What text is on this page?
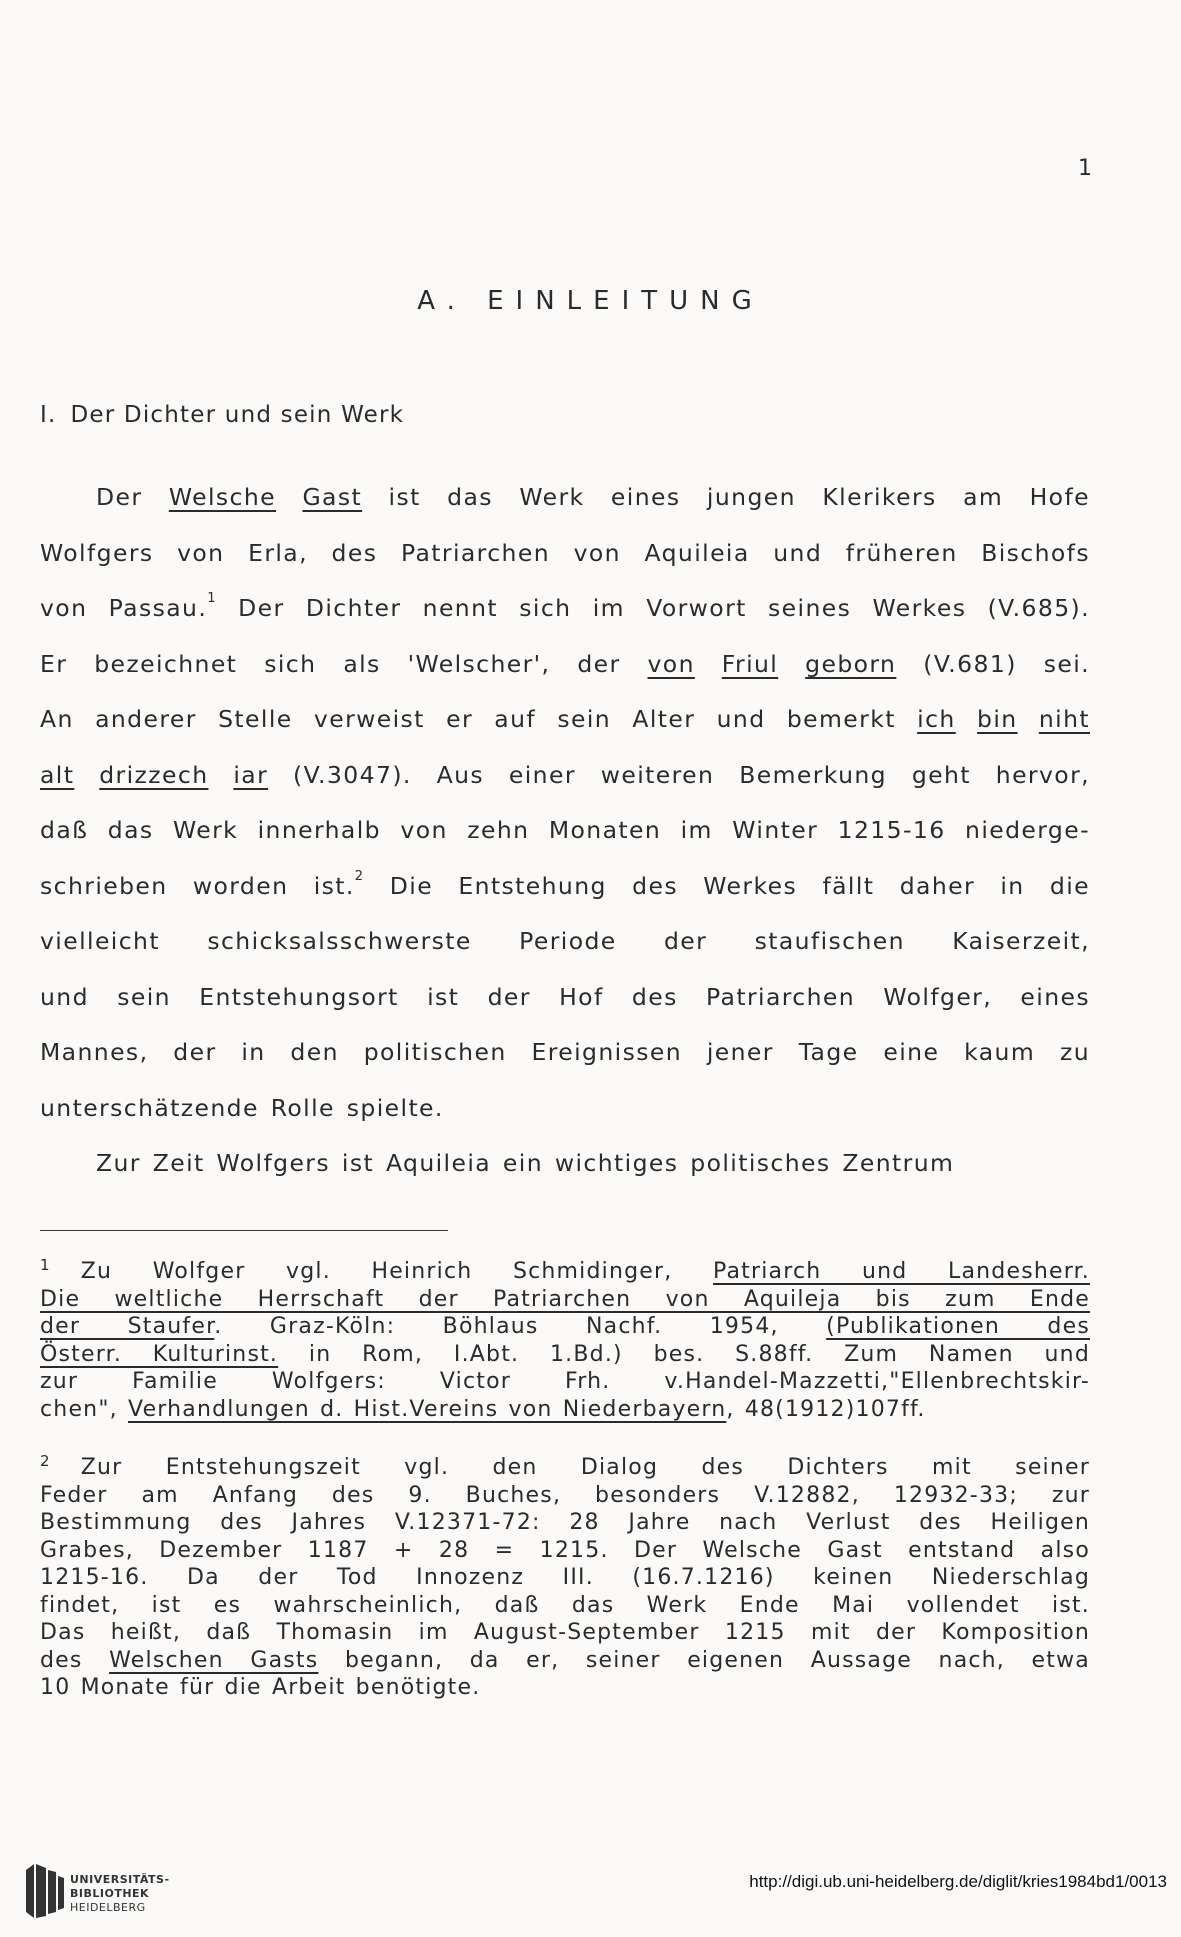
1
A. EINLEITUNG
I. Der Dichter und sein Werk
Der Welsche Gast ist das Werk eines jungen Klerikers am Hofe
Wolfgers von Erla, des Patriarchen von Aquileia und früheren Bischofs
von Passau.$^1$ Der Dichter nennt sich im Vorwort seines Werkes (V.685).
Er bezeichnet sich als 'Welscher', der von Friul geborn (V.681) sei.
An anderer Stelle verweist er auf sein Alter und bemerkt ich bin niht
alt drizzech iar (V.3047). Aus einer weiteren Bemerkung geht hervor,
daß das Werk innerhalb von zehn Monaten im Winter 1215-16 niederge-
schrieben worden ist.$^2$ Die Entstehung des Werkes fällt daher in die
vielleicht schicksalsschwerste Periode der staufischen Kaiserzeit,
und sein Entstehungsort ist der Hof des Patriarchen Wolfger, eines
Mannes, der in den politischen Ereignissen jener Tage eine kaum zu
unterschätzende Rolle spielte.
Zur Zeit Wolfgers ist Aquileia ein wichtiges politisches Zentrum
$^1$ Zu Wolfger vgl. Heinrich Schmidinger, Patriarch und Landesherr.
Die weltliche Herrschaft der Patriarchen von Aquileja bis zum Ende
der Staufer. Graz-Köln: Böhlaus Nachf. 1954, (Publikationen des
Österr. Kulturinst. in Rom, I.Abt. 1.Bd.) bes. S.88ff. Zum Namen und
zur Familie Wolfgers: Victor Frh. v.Handel-Mazzetti,"Ellenbrechtskir-
chen", Verhandlungen d. Hist.Vereins von Niederbayern, 48(1912)107ff.
$^2$ Zur Entstehungszeit vgl. den Dialog des Dichters mit seiner
Feder am Anfang des 9. Buches, besonders V.12882, 12932-33; zur
Bestimmung des Jahres V.12371-72: 28 Jahre nach Verlust des Heiligen
Grabes, Dezember 1187 + 28 = 1215. Der Welsche Gast entstand also
1215-16. Da der Tod Innozenz III. (16.7.1216) keinen Niederschlag
findet, ist es wahrscheinlich, daß das Werk Ende Mai vollendet ist.
Das heißt, daß Thomasin im August-September 1215 mit der Komposition
des Welschen Gasts begann, da er, seiner eigenen Aussage nach, etwa
10 Monate für die Arbeit benötigte.
UNIVERSITÄTS-
BIBLIOTHEK
HEIDELBERG
http://digi.ub.uni-heidelberg.de/diglit/kries1984bd1/0013
